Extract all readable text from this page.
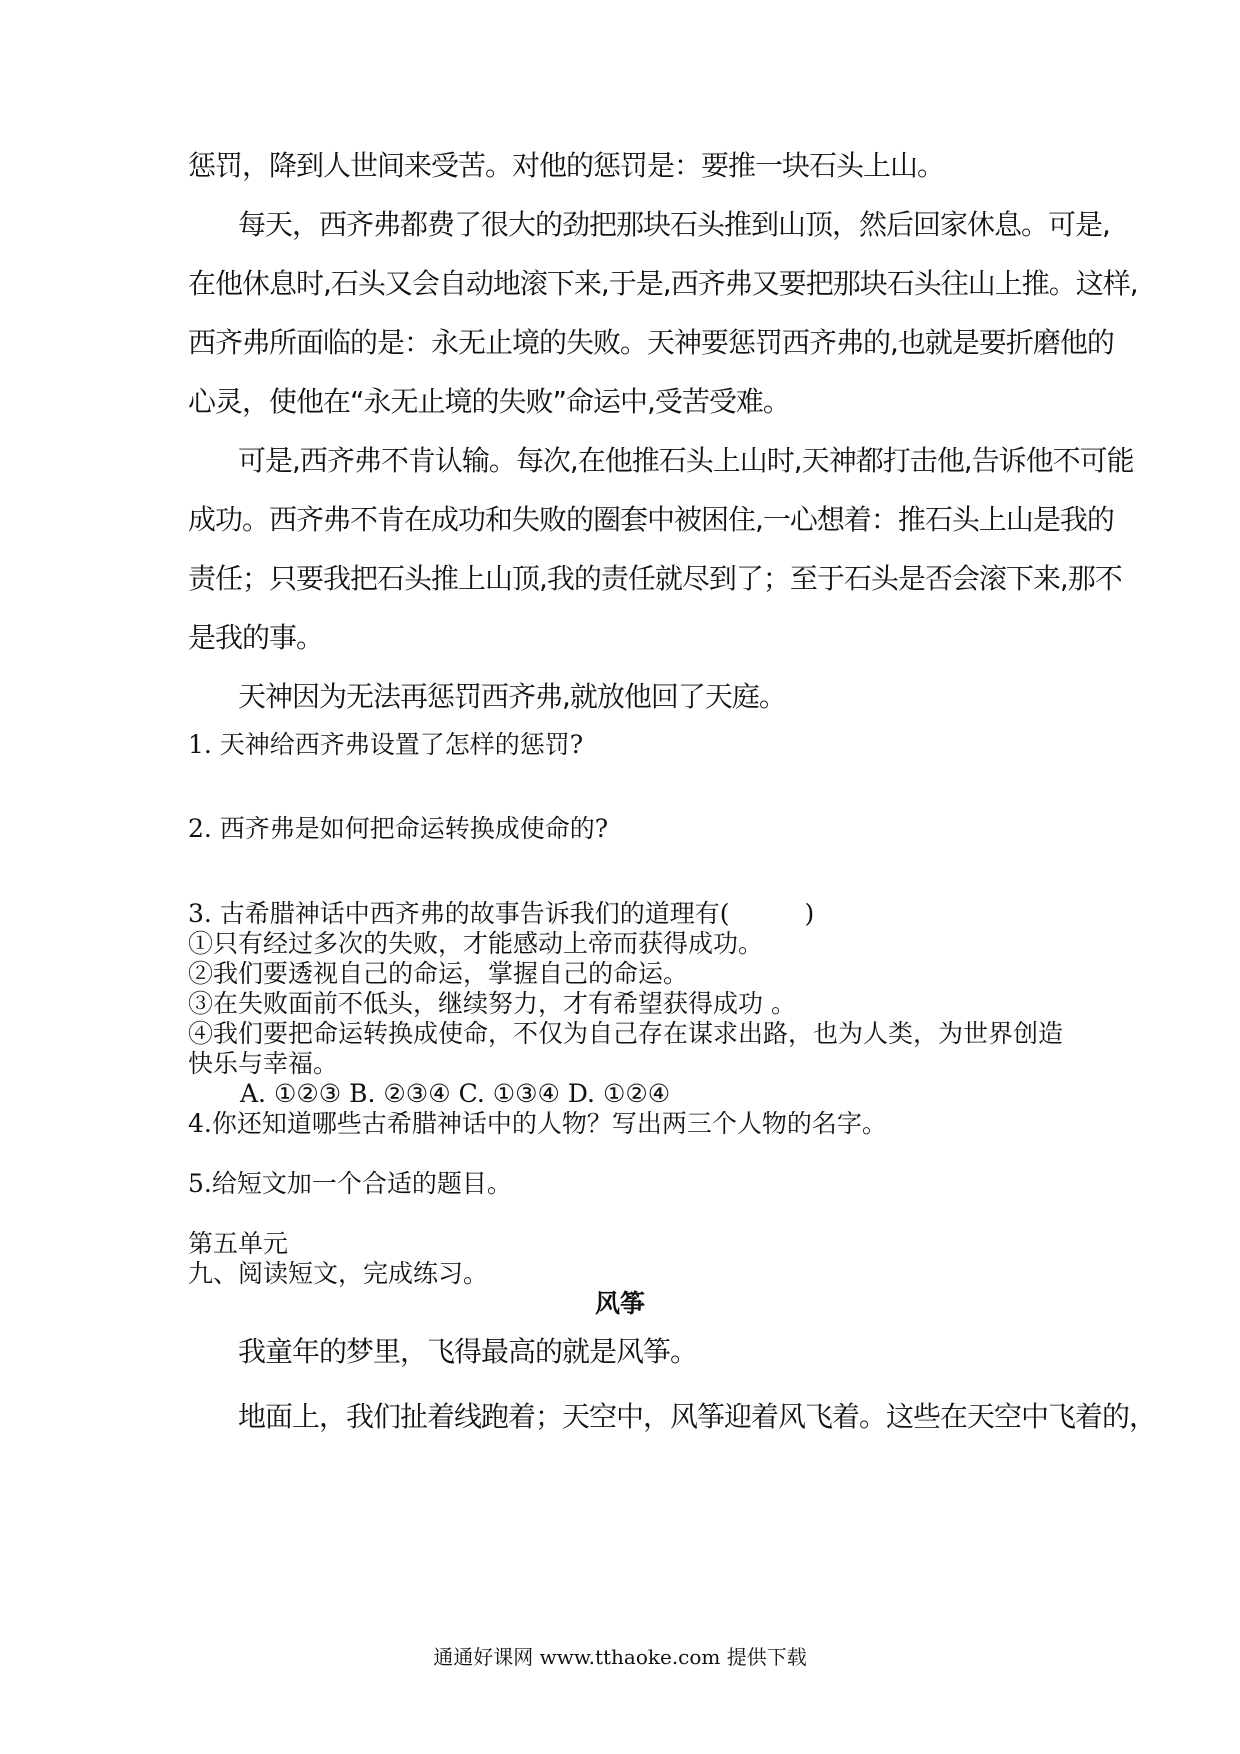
惩罚，降到人世间来受苦。对他的惩罚是：要推一块石头上山。
每天，西齐弗都费了很大的劲把那块石头推到山顶，然后回家休息。可是,
在他休息时,石头又会自动地滚下来,于是,西齐弗又要把那块石头往山上推。这样,
西齐弗所面临的是：永无止境的失败。天神要惩罚西齐弗的,也就是要折磨他的
心灵，使他在“永无止境的失败”命运中,受苦受难。
可是,西齐弗不肯认输。每次,在他推石头上山时,天神都打击他,告诉他不可能
成功。西齐弗不肯在成功和失败的圈套中被困住,一心想着：推石头上山是我的
责任；只要我把石头推上山顶,我的责任就尽到了；至于石头是否会滚下来,那不
是我的事。
天神因为无法再惩罚西齐弗,就放他回了天庭。
1. 天神给西齐弗设置了怎样的惩罚?
2. 西齐弗是如何把命运转换成使命的?
3. 古希腊神话中西齐弗的故事告诉我们的道理有(　　　)
①只有经过多次的失败，才能感动上帝而获得成功。
②我们要透视自己的命运，掌握自己的命运。
③在失败面前不低头，继续努力，才有希望获得成功 。
④我们要把命运转换成使命，不仅为自己存在谋求出路，也为人类，为世界创造
快乐与幸福。
A. ①②③ B. ②③④ C. ①③④ D. ①②④
4.你还知道哪些古希腊神话中的人物？写出两三个人物的名字。
5.给短文加一个合适的题目。
第五单元
九、阅读短文，完成练习。
风筝
我童年的梦里，飞得最高的就是风筝。
地面上，我们扯着线跑着；天空中，风筝迎着风飞着。这些在天空中飞着的，
通通好课网 www.tthaoke.com 提供下载
